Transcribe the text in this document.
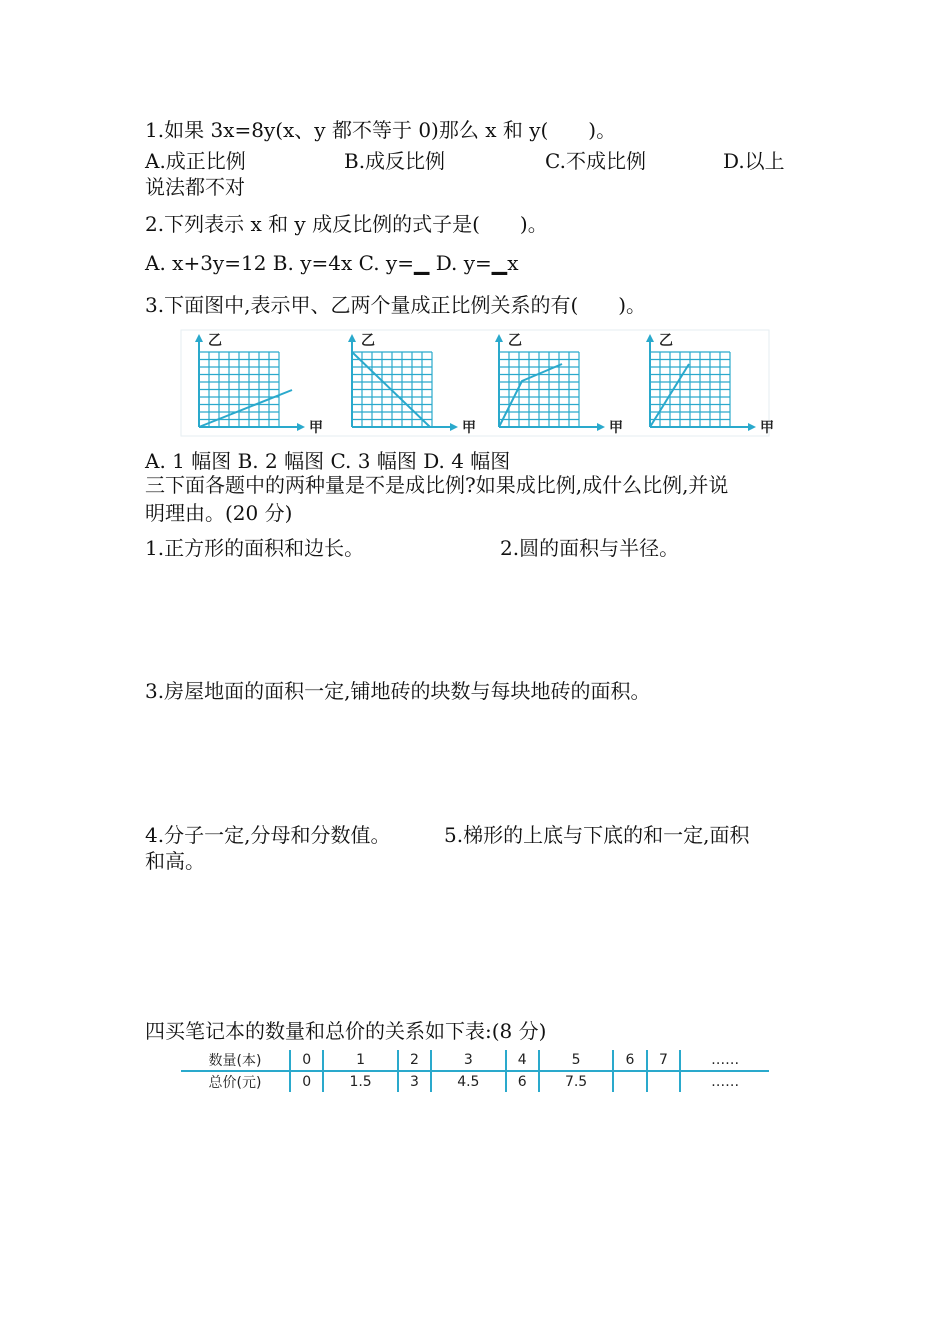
1.如果 3x=8y(x、y 都不等于 0)那么 x 和 y(　　)。
A.成正比例	B.成反比例	C.不成比例	D.以上
说法都不对
2.下列表示 x 和 y 成反比例的式子是(　　)。
A. x+3y=12 B. y=4x C. y=▁ D. y=▁x
3.下面图中,表示甲、乙两个量成正比例关系的有(　　)。
乙
甲
乙
甲
乙
甲
乙
甲
A. 1 幅图 B. 2 幅图 C. 3 幅图 D. 4 幅图
三下面各题中的两种量是不是成比例?如果成比例,成什么比例,并说
明理由。(20 分)
1.正方形的面积和边长。	2.圆的面积与半径。
3.房屋地面的面积一定,铺地砖的块数与每块地砖的面积。
4.分子一定,分母和分数值。	5.梯形的上底与下底的和一定,面积
和高。
四买笔记本的数量和总价的关系如下表:(8 分)
数量(本)	0	1	2	3	4	5	6	7	……
总价(元)	0	1.5	3	4.5	6	7.5			……
